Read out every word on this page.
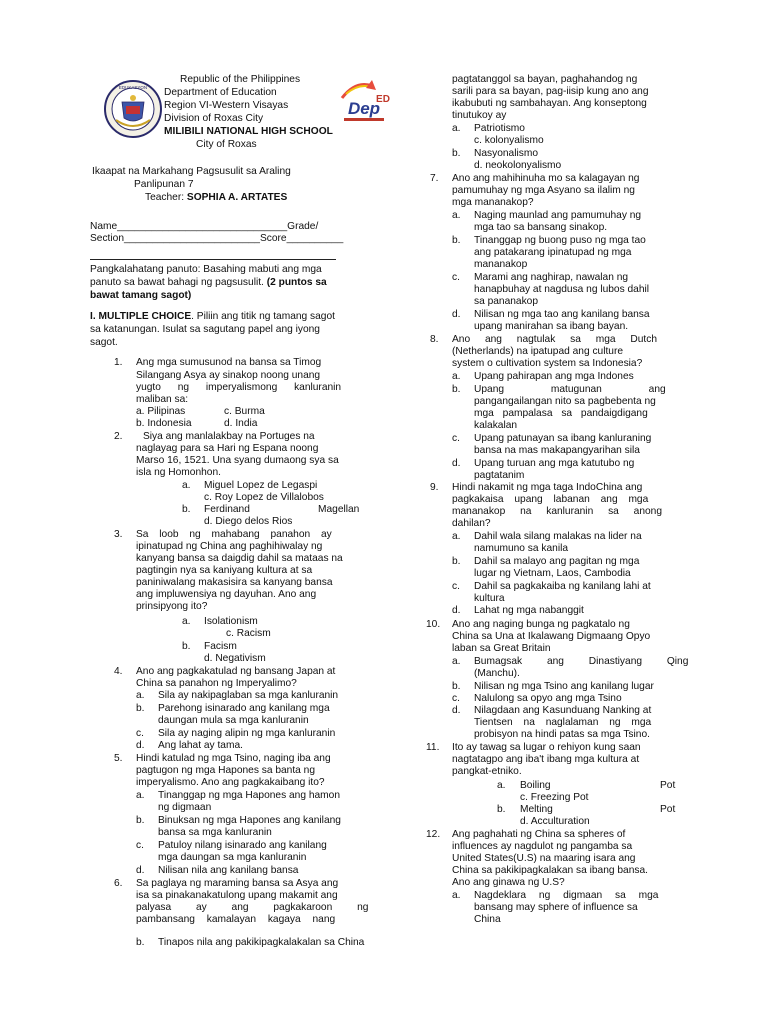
EDUKASYON
Dep
ED
Republic of the Philippines
Department of Education
Region VI-Western Visayas
Division of Roxas City
MILIBILI NATIONAL HIGH SCHOOL
City of Roxas
Ikaapat na Markahang Pagsusulit sa Araling
Panlipunan 7
Teacher: SOPHIA A. ARTATES
Name______________________________Grade/
Section________________________Score__________
Pangkalahatang panuto: Basahing mabuti ang mga
panuto sa bawat bahagi ng pagsusulit. (2 puntos sa
bawat tamang sagot)
I. MULTIPLE CHOICE. Piliin ang titik ng tamang sagot
sa katanungan. Isulat sa sagutang papel ang iyong
sagot.
1. Ang mga sumusunod na bansa sa Timog
Silangang Asya ay sinakop noong unang
yugto ng imperyalismong kanluranin
maliban sa:
a. Pilipinas	c. Burma
b. Indonesia	d. India
2. Siya ang manlalakbay na Portuges na
naglayag para sa Hari ng Espana noong
Marso 16, 1521. Una syang dumaong sya sa
isla ng Homonhon.
a. Miguel Lopez de Legaspi
c. Roy Lopez de Villalobos
b. Ferdinand	Magellan
d. Diego delos Rios
3. Sa loob ng mahabang panahon ay
ipinatupad ng China ang paghihiwalay ng
kanyang bansa sa daigdig dahil sa mataas na
pagtingin nya sa kaniyang kultura at sa
paniniwalang makasisira sa kanyang bansa
ang impluwensiya ng dayuhan. Ano ang
prinsipyong ito?
a. Isolationism
c. Racism
b. Facism
d. Negativism
4. Ano ang pagkakatulad ng bansang Japan at
China sa panahon ng Imperyalimo?
a. Sila ay nakipaglaban sa mga kanluranin
b. Parehong isinarado ang kanilang mga
daungan mula sa mga kanluranin
c. Sila ay naging alipin ng mga kanluranin
d. Ang lahat ay tama.
5. Hindi katulad ng mga Tsino, naging iba ang
pagtugon ng mga Hapones sa banta ng
imperyalismo. Ano ang pagkakaibang ito?
a. Tinanggap ng mga Hapones ang hamon
ng digmaan
b. Binuksan ng mga Hapones ang kanilang
bansa sa mga kanluranin
c. Patuloy nilang isinarado ang kanilang
mga daungan sa mga kanluranin
d. Nilisan nila ang kanilang bansa
6. Sa paglaya ng maraming bansa sa Asya ang
isa sa pinakanakatulong upang makamit ang
palyasa ay ang pagkakaroon ng
pambansang kamalayan kagaya nang
b. Tinapos nila ang pakikipagkalakalan sa China
pagtatanggol sa bayan, paghahandog ng
sarili para sa bayan, pag-iisip kung ano ang
ikabubuti ng sambahayan. Ang konseptong
tinutukoy ay
a. Patriotismo
c. kolonyalismo
b. Nasyonalismo
d. neokolonyalismo
7. Ano ang mahihinuha mo sa kalagayan ng
pamumuhay ng mga Asyano sa ilalim ng
mga mananakop?
a. Naging maunlad ang pamumuhay ng
mga tao sa bansang sinakop.
b. Tinanggap ng buong puso ng mga tao
ang patakarang ipinatupad ng mga
mananakop
c. Marami ang naghirap, nawalan ng
hanapbuhay at nagdusa ng lubos dahil
sa pananakop
d. Nilisan ng mga tao ang kanilang bansa
upang manirahan sa ibang bayan.
8. Ano ang nagtulak sa mga Dutch
(Netherlands) na ipatupad ang culture
system o cultivation system sa Indonesia?
a. Upang pahirapan ang mga Indones
b. Upang matugunan ang
pangangailangan nito sa pagbebenta ng
mga pampalasa sa pandaigdigang
kalakalan
c. Upang patunayan sa ibang kanluraning
bansa na mas makapangyarihan sila
d. Upang turuan ang mga katutubo ng
pagtatanim
9. Hindi nakamit ng mga taga IndoChina ang
pagkakaisa upang labanan ang mga
mananakop na kanluranin sa anong
dahilan?
a. Dahil wala silang malakas na lider na
namumuno sa kanila
b. Dahil sa malayo ang pagitan ng mga
lugar ng Vietnam, Laos, Cambodia
c. Dahil sa pagkakaiba ng kanilang lahi at
kultura
d. Lahat ng mga nabanggit
10. Ano ang naging bunga ng pagkatalo ng
China sa Una at Ikalawang Digmaang Opyo
laban sa Great Britain
a. Bumagsak ang Dinastiyang Qing
(Manchu).
b. Nilisan ng mga Tsino ang kanilang lugar
c. Nalulong sa opyo ang mga Tsino
d. Nilagdaan ang Kasunduang Nanking at
Tientsen na naglalaman ng mga
probisyon na hindi patas sa mga Tsino.
11. Ito ay tawag sa lugar o rehiyon kung saan
nagtatagpo ang iba't ibang mga kultura at
pangkat-etniko.
a. Boiling	Pot
c. Freezing Pot
b. Melting	Pot
d. Acculturation
12. Ang paghahati ng China sa spheres of
influences ay nagdulot ng pangamba sa
United States(U.S) na maaring isara ang
China sa pakikipagkalakan sa ibang bansa.
Ano ang ginawa ng U.S?
a. Nagdeklara ng digmaan sa mga
bansang may sphere of influence sa
China
